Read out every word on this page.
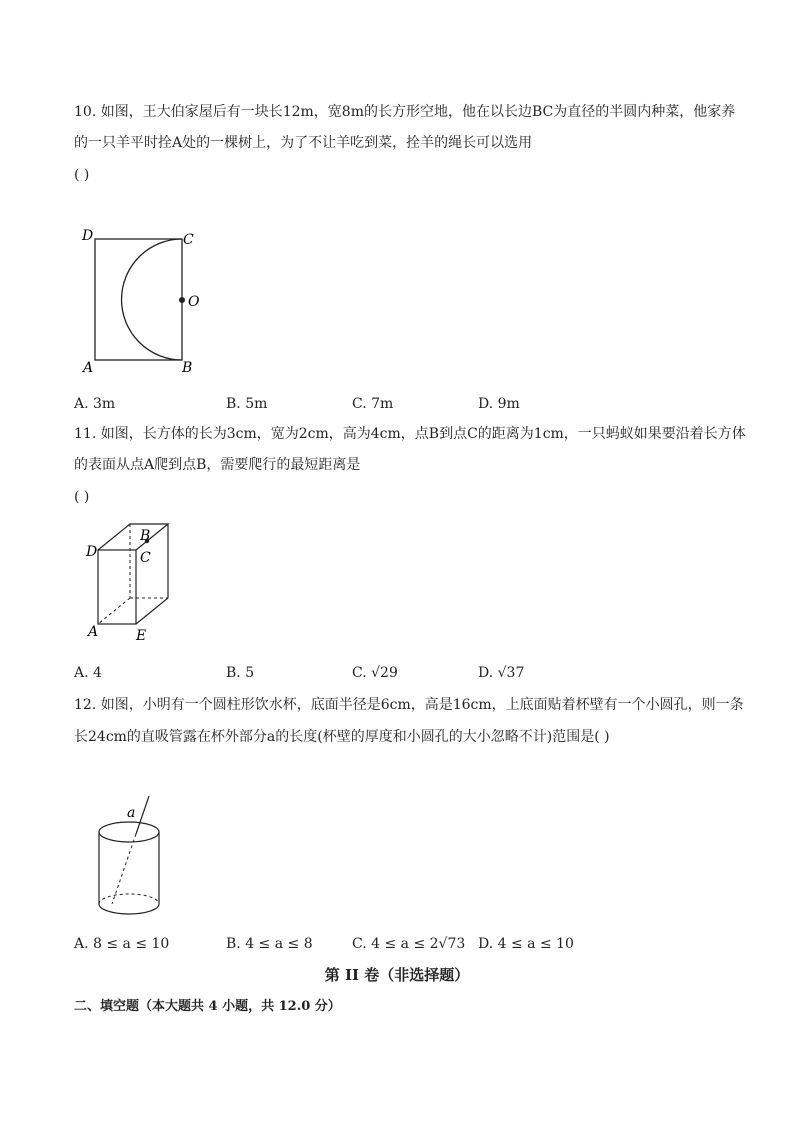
10. 如图，王大伯家屋后有一块长12m，宽8m的长方形空地，他在以长边BC为直径的半圆内种菜，他家养
的一只羊平时拴A处的一棵树上，为了不让羊吃到菜，拴羊的绳长可以选用
( )
D	C
O
A	B
A. 3m	B. 5m	C. 7m	D. 9m
11. 如图，长方体的长为3cm，宽为2cm，高为4cm，点B到点C的距离为1cm，一只蚂蚁如果要沿着长方体
的表面从点A爬到点B，需要爬行的最短距离是
( )
D
B
C
A	E
A. 4	B. 5	C. √29	D. √37
12. 如图，小明有一个圆柱形饮水杯，底面半径是6cm，高是16cm，上底面贴着杯壁有一个小圆孔，则一条
长24cm的直吸管露在杯外部分a的长度(杯壁的厚度和小圆孔的大小忽略不计)范围是( )
a
A. 8 ≤ a ≤ 10	B. 4 ≤ a ≤ 8	C. 4 ≤ a ≤ 2√73 D. 4 ≤ a ≤ 10
第 II 卷（非选择题）
二、填空题（本大题共 4 小题，共 12.0 分）
